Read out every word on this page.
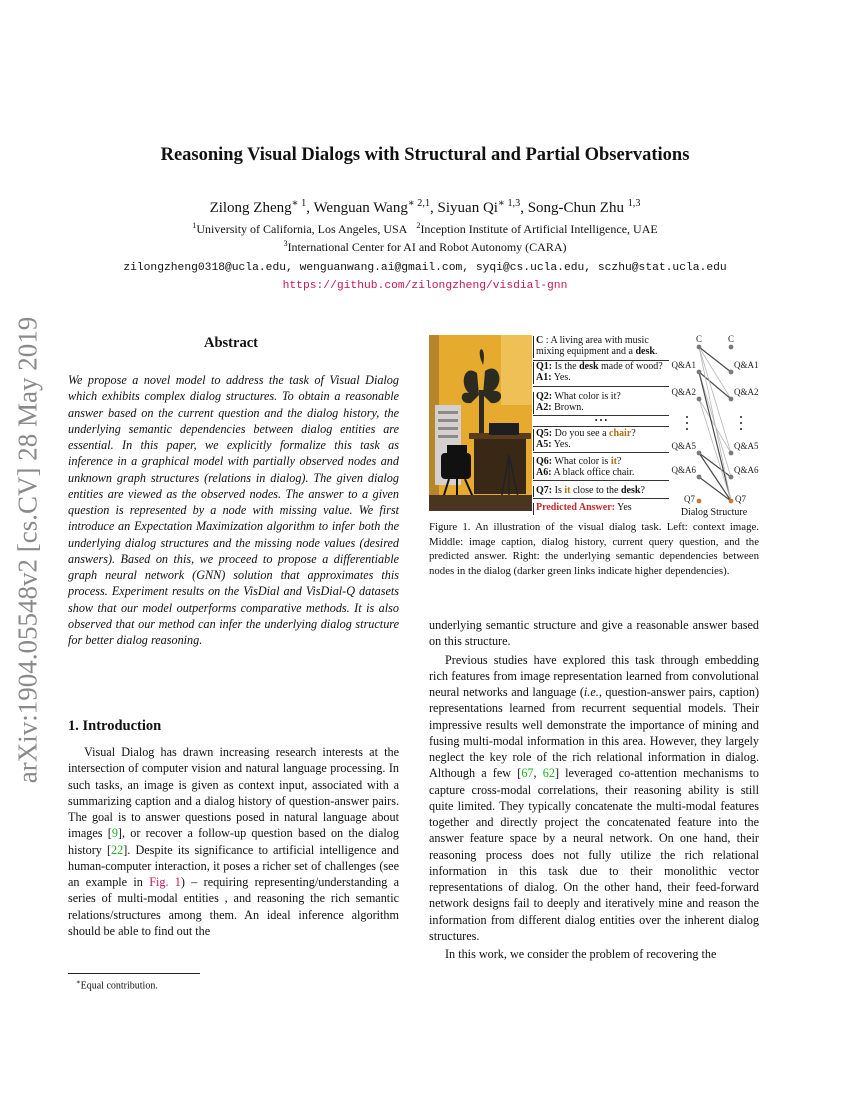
arXiv:1904.05548v2 [cs.CV] 28 May 2019
Reasoning Visual Dialogs with Structural and Partial Observations
Zilong Zheng$^{∗ 1}$, Wenguan Wang$^{∗ 2,1}$, Siyuan $Qi^{∗ 1,3}$, Song-Chun Zhu $^{1,3}$
$^1$University of California, Los Angeles, USA $^2$Inception Institute of Artificial Intelligence, UAE
$^3$International Center for AI and Robot Autonomy (CARA)
zilongzheng0318@ucla.edu, wenguanwang.ai@gmail.com, syqi@cs.ucla.edu, sczhu@stat.ucla.edu
https://github.com/zilongzheng/visdial-gnn
Abstract
We propose a novel model to address the task of Visual Dialog which exhibits complex dialog structures. To obtain a reasonable answer based on the current question and the dialog history, the underlying semantic dependencies between dialog entities are essential. In this paper, we explicitly formalize this task as inference in a graphical model with partially observed nodes and unknown graph structures (relations in dialog). The given dialog entities are viewed as the observed nodes. The answer to a given question is represented by a node with missing value. We first introduce an Expectation Maximization algorithm to infer both the underlying dialog structures and the missing node values (desired answers). Based on this, we proceed to propose a differentiable graph neural network (GNN) solution that approximates this process. Experiment results on the VisDial and VisDial-Q datasets show that our model outperforms comparative methods. It is also observed that our method can infer the underlying dialog structure for better dialog reasoning.
1. Introduction

Visual Dialog has drawn increasing research interests at the intersection of computer vision and natural language processing. In such tasks, an image is given as context input, associated with a summarizing caption and a dialog history of question-answer pairs. The goal is to answer questions posed in natural language about images [9], or recover a follow-up question based on the dialog history [22]. Despite its significance to artificial intelligence and human-computer interaction, it poses a richer set of challenges (see an example in Fig. 1) – requiring representing/understanding a series of multi-modal entities , and reasoning the rich semantic relations/structures among them. An ideal inference algorithm should be able to find out the

∗Equal contribution.
C : A living area with music
mixing equipment and a desk.
Q1: Is the desk made of wood?
A1: Yes.
Q2: What color is it?
A2: Brown.
• • •
Q5: Do you see a chair?
A5: Yes.
Q6: What color is it?
A6: A black office chair.
Q7: Is it close to the desk?
Predicted Answer: Yes
C
Q&A1
Q&A2
Q&A5
Q&A6
Q7
C
Q&A1
Q&A2
Q&A5
Q&A6
Q7
Dialog Structure
Figure 1. An illustration of the visual dialog task. Left: context image. Middle: image caption, dialog history, current query question, and the predicted answer. Right: the underlying semantic dependencies between nodes in the dialog (darker green links indicate higher dependencies).

underlying semantic structure and give a reasonable answer based on this structure.

Previous studies have explored this task through embedding rich features from image representation learned from convolutional neural networks and language (i.e., question-answer pairs, caption) representations learned from recurrent sequential models. Their impressive results well demonstrate the importance of mining and fusing multi-modal information in this area. However, they largely neglect the key role of the rich relational information in dialog. Although a few [67, 62] leveraged co-attention mechanisms to capture cross-modal correlations, their reasoning ability is still quite limited. They typically concatenate the multi-modal features together and directly project the concatenated feature into the answer feature space by a neural network. On one hand, their reasoning process does not fully utilize the rich relational information in this task due to their monolithic vector representations of dialog. On the other hand, their feed-forward network designs fail to deeply and iteratively mine and reason the information from different dialog entities over the inherent dialog structures.

In this work, we consider the problem of recovering the
